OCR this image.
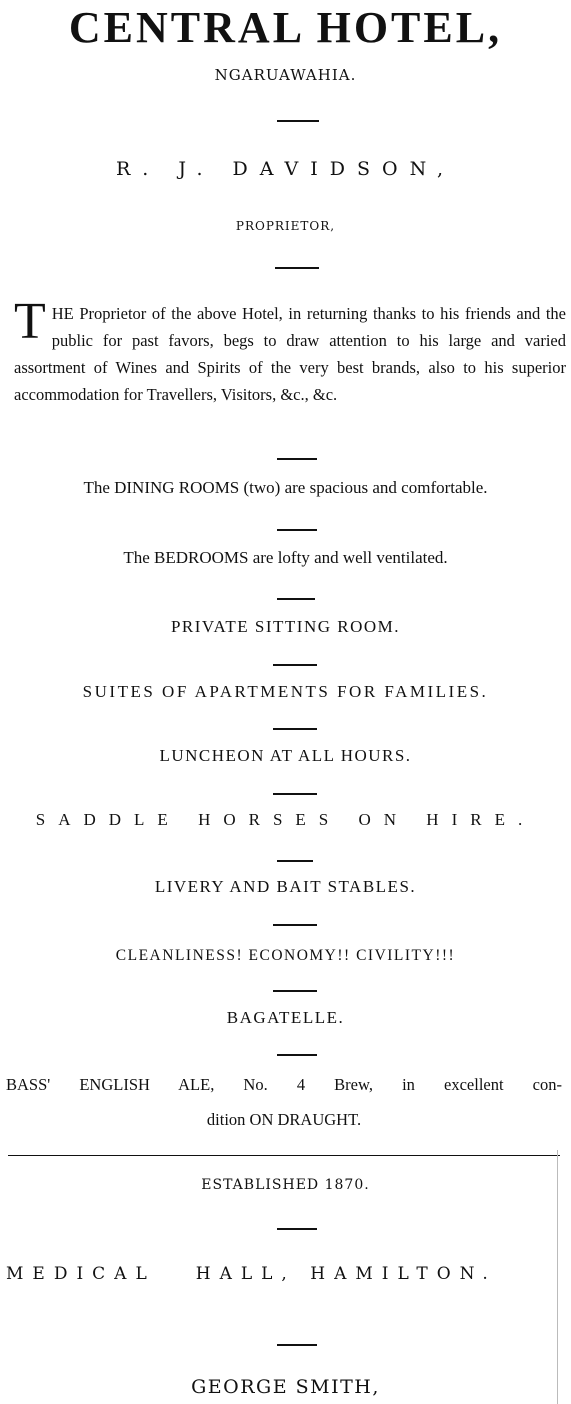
CENTRAL HOTEL,
NGARUAWAHIA.
R. J. DAVIDSON,
PROPRIETOR,
T HE Proprietor of the above Hotel, in returning thanks to his friends and the public for past favors, begs to draw attention to his large and varied assortment of Wines and Spirits of the very best brands, also to his superior accommodation for Travellers, Visitors, &c., &c.
The DINING ROOMS (two) are spacious and comfortable.
The BEDROOMS are lofty and well ventilated.
PRIVATE SITTING ROOM.
SUITES OF APARTMENTS FOR FAMILIES.
LUNCHEON AT ALL HOURS.
SADDLE HORSES ON HIRE.
LIVERY AND BAIT STABLES.
CLEANLINESS! ECONOMY!! CIVILITY!!!
BAGATELLE.
BASS' ENGLISH ALE, No. 4 Brew, in excellent con-
dition ON DRAUGHT.
ESTABLISHED 1870.
MEDICAL HALL, HAMILTON.
GEORGE SMITH,
